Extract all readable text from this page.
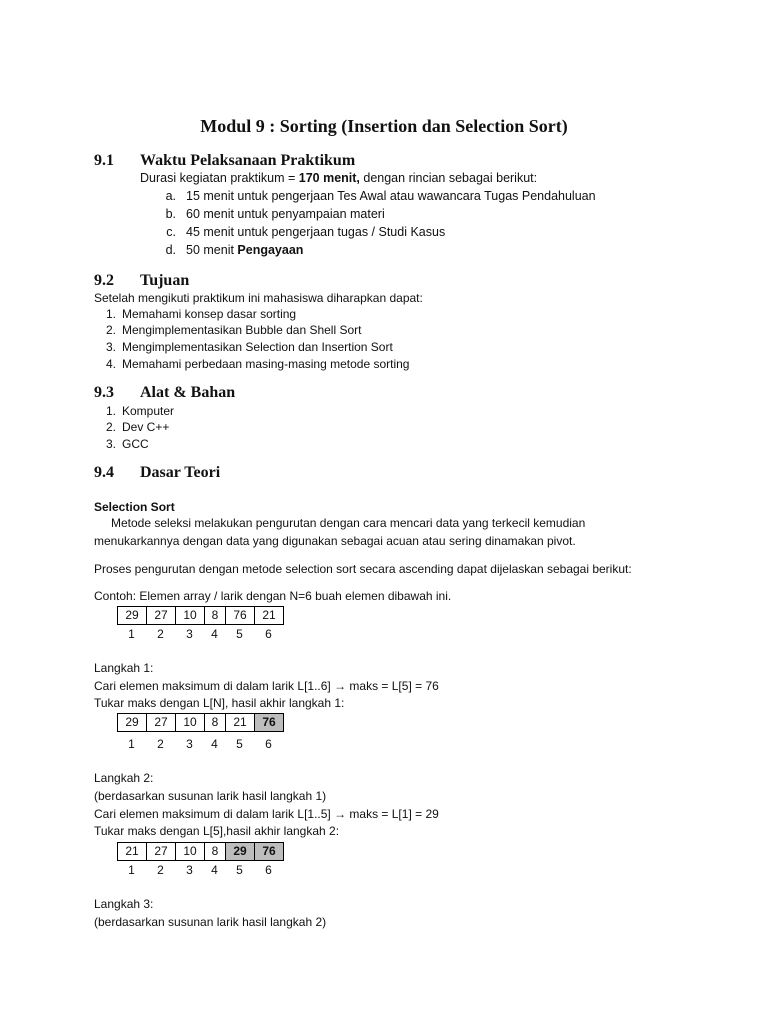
Modul 9 : Sorting (Insertion dan Selection Sort)
9.1 Waktu Pelaksanaan Praktikum
Durasi kegiatan praktikum = 170 menit, dengan rincian sebagai berikut:
a. 15 menit untuk pengerjaan Tes Awal atau wawancara Tugas Pendahuluan
b. 60 menit untuk penyampaian materi
c. 45 menit untuk pengerjaan tugas / Studi Kasus
d. 50 menit Pengayaan
9.2 Tujuan
Setelah mengikuti praktikum ini mahasiswa diharapkan dapat:
1. Memahami konsep dasar sorting
2. Mengimplementasikan Bubble dan Shell Sort
3. Mengimplementasikan Selection dan Insertion Sort
4. Memahami perbedaan masing-masing metode sorting
9.3 Alat & Bahan
1. Komputer
2. Dev C++
3. GCC
9.4 Dasar Teori
Selection Sort
Metode seleksi melakukan pengurutan dengan cara mencari data yang terkecil kemudian
menukarkannya dengan data yang digunakan sebagai acuan atau sering dinamakan pivot.
Proses pengurutan dengan metode selection sort secara ascending dapat dijelaskan sebagai berikut:
Contoh: Elemen array / larik dengan N=6 buah elemen dibawah ini.
29	27	10	8	76	21
1	2	3	4	5	6
Langkah 1:
Cari elemen maksimum di dalam larik L[1..6] → maks = L[5] = 76
Tukar maks dengan L[N], hasil akhir langkah 1:
29	27	10	8	21	76
1	2	3	4	5	6
Langkah 2:
(berdasarkan susunan larik hasil langkah 1)
Cari elemen maksimum di dalam larik L[1..5] → maks = L[1] = 29
Tukar maks dengan L[5],hasil akhir langkah 2:
21	27	10	8	29	76
1	2	3	4	5	6
Langkah 3:
(berdasarkan susunan larik hasil langkah 2)
